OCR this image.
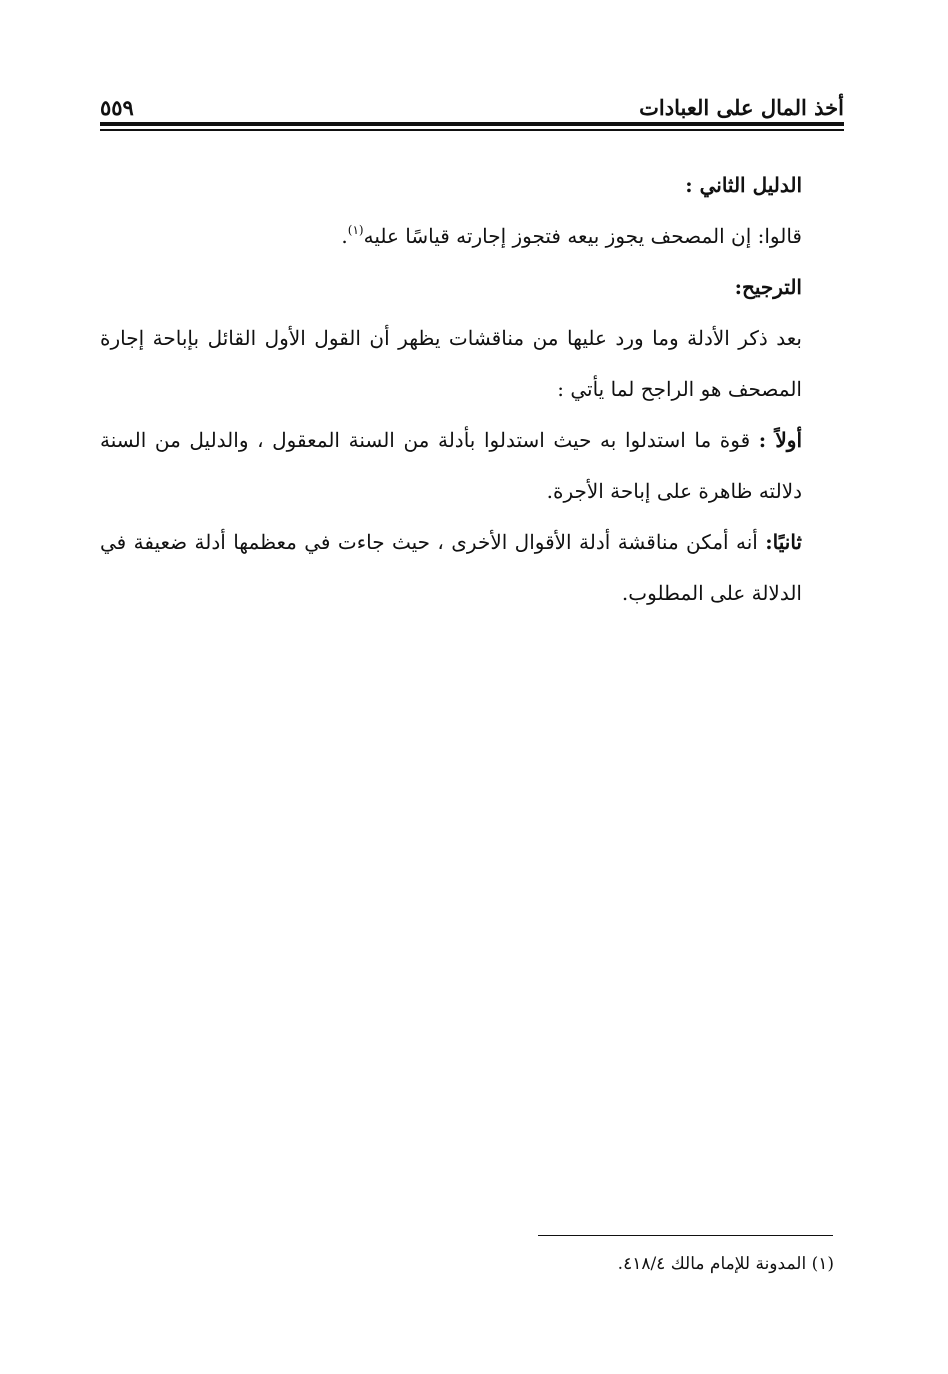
أخذ المال على العبادات
٥٥٩

الدليل الثاني :

قالوا: إن المصحف يجوز بيعه فتجوز إجارته قياسًا عليه$^{(١)}$.

الترجيح:

بعد ذكر الأدلة وما ورد عليها من مناقشات يظهر أن القول الأول القائل بإباحة إجارة المصحف هو الراجح لما يأتي :

أولاً : قوة ما استدلوا به حيث استدلوا بأدلة من السنة المعقول ، والدليل من السنة دلالته ظاهرة على إباحة الأجرة.

ثانيًا: أنه أمكن مناقشة أدلة الأقوال الأخرى ، حيث جاءت في معظمها أدلة ضعيفة في الدلالة على المطلوب.

(١) المدونة للإمام مالك ٤١٨/٤.
